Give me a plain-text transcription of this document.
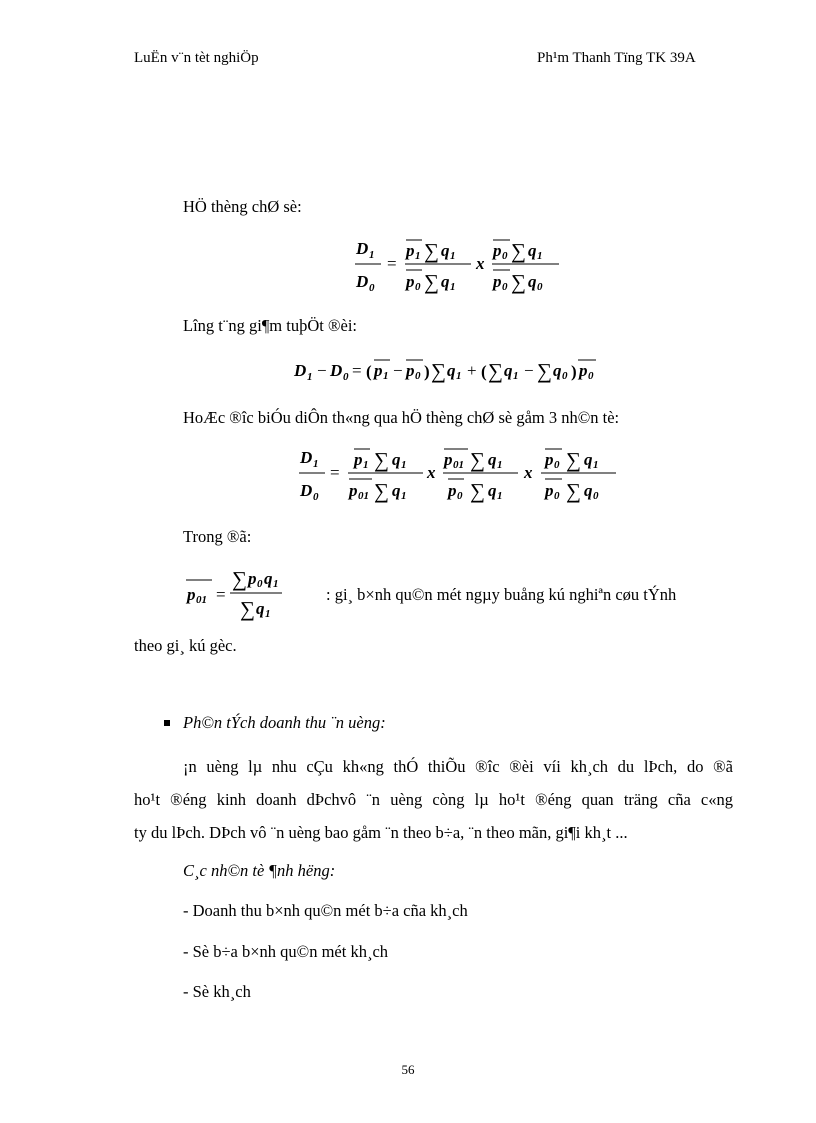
LuËn v¨n tèt nghiÖp	Ph¹m Thanh Tïng TK 39A
HÖ thèng chØ sè:
D 1
D 0
=
p 1 ∑ q 1
p 0 ∑ q 1
x
p 0 ∑ q 1
p 0 ∑ q 0
Lîng t¨ng gi¶m tuþÖt ®èi:
D 1 − D 0 = ( p 1 − p 0 ) ∑ q 1 + ( ∑ q 1 − ∑ q 0 ) p 0
HoÆc ®îc biÓu diÔn th«ng qua hÖ thèng chØ sè gåm 3 nh©n tè:
D 1
D 0
=
p 1 ∑ q 1
p 01 ∑ q 1
x
p 01 ∑ q 1
p 0 ∑ q 1
x
p 0 ∑ q 1
p 0 ∑ q 0
Trong ®ã:
p 01 =
∑ p 0 q 1
∑ q 1
: gi¸ b×nh qu©n mét ngµy buång kú nghiªn cøu tÝnh
theo gi¸ kú gèc.
Ph©n tÝch doanh thu ¨n uèng:
¡n uèng lµ nhu cÇu kh«ng thÓ thiÕu ®îc ®èi víi kh¸ch du lÞch, do ®ã
ho¹t ®éng kinh doanh dÞchvô ¨n uèng còng lµ ho¹t ®éng quan träng cña c«ng
ty du lÞch. DÞch vô ¨n uèng bao gåm ¨n theo b÷a, ¨n theo mãn, gi¶i kh¸t ...
C¸c nh©n tè ¶nh hëng:
- Doanh thu b×nh qu©n mét b÷a cña kh¸ch
- Sè b÷a b×nh qu©n mét kh¸ch
- Sè kh¸ch
56
